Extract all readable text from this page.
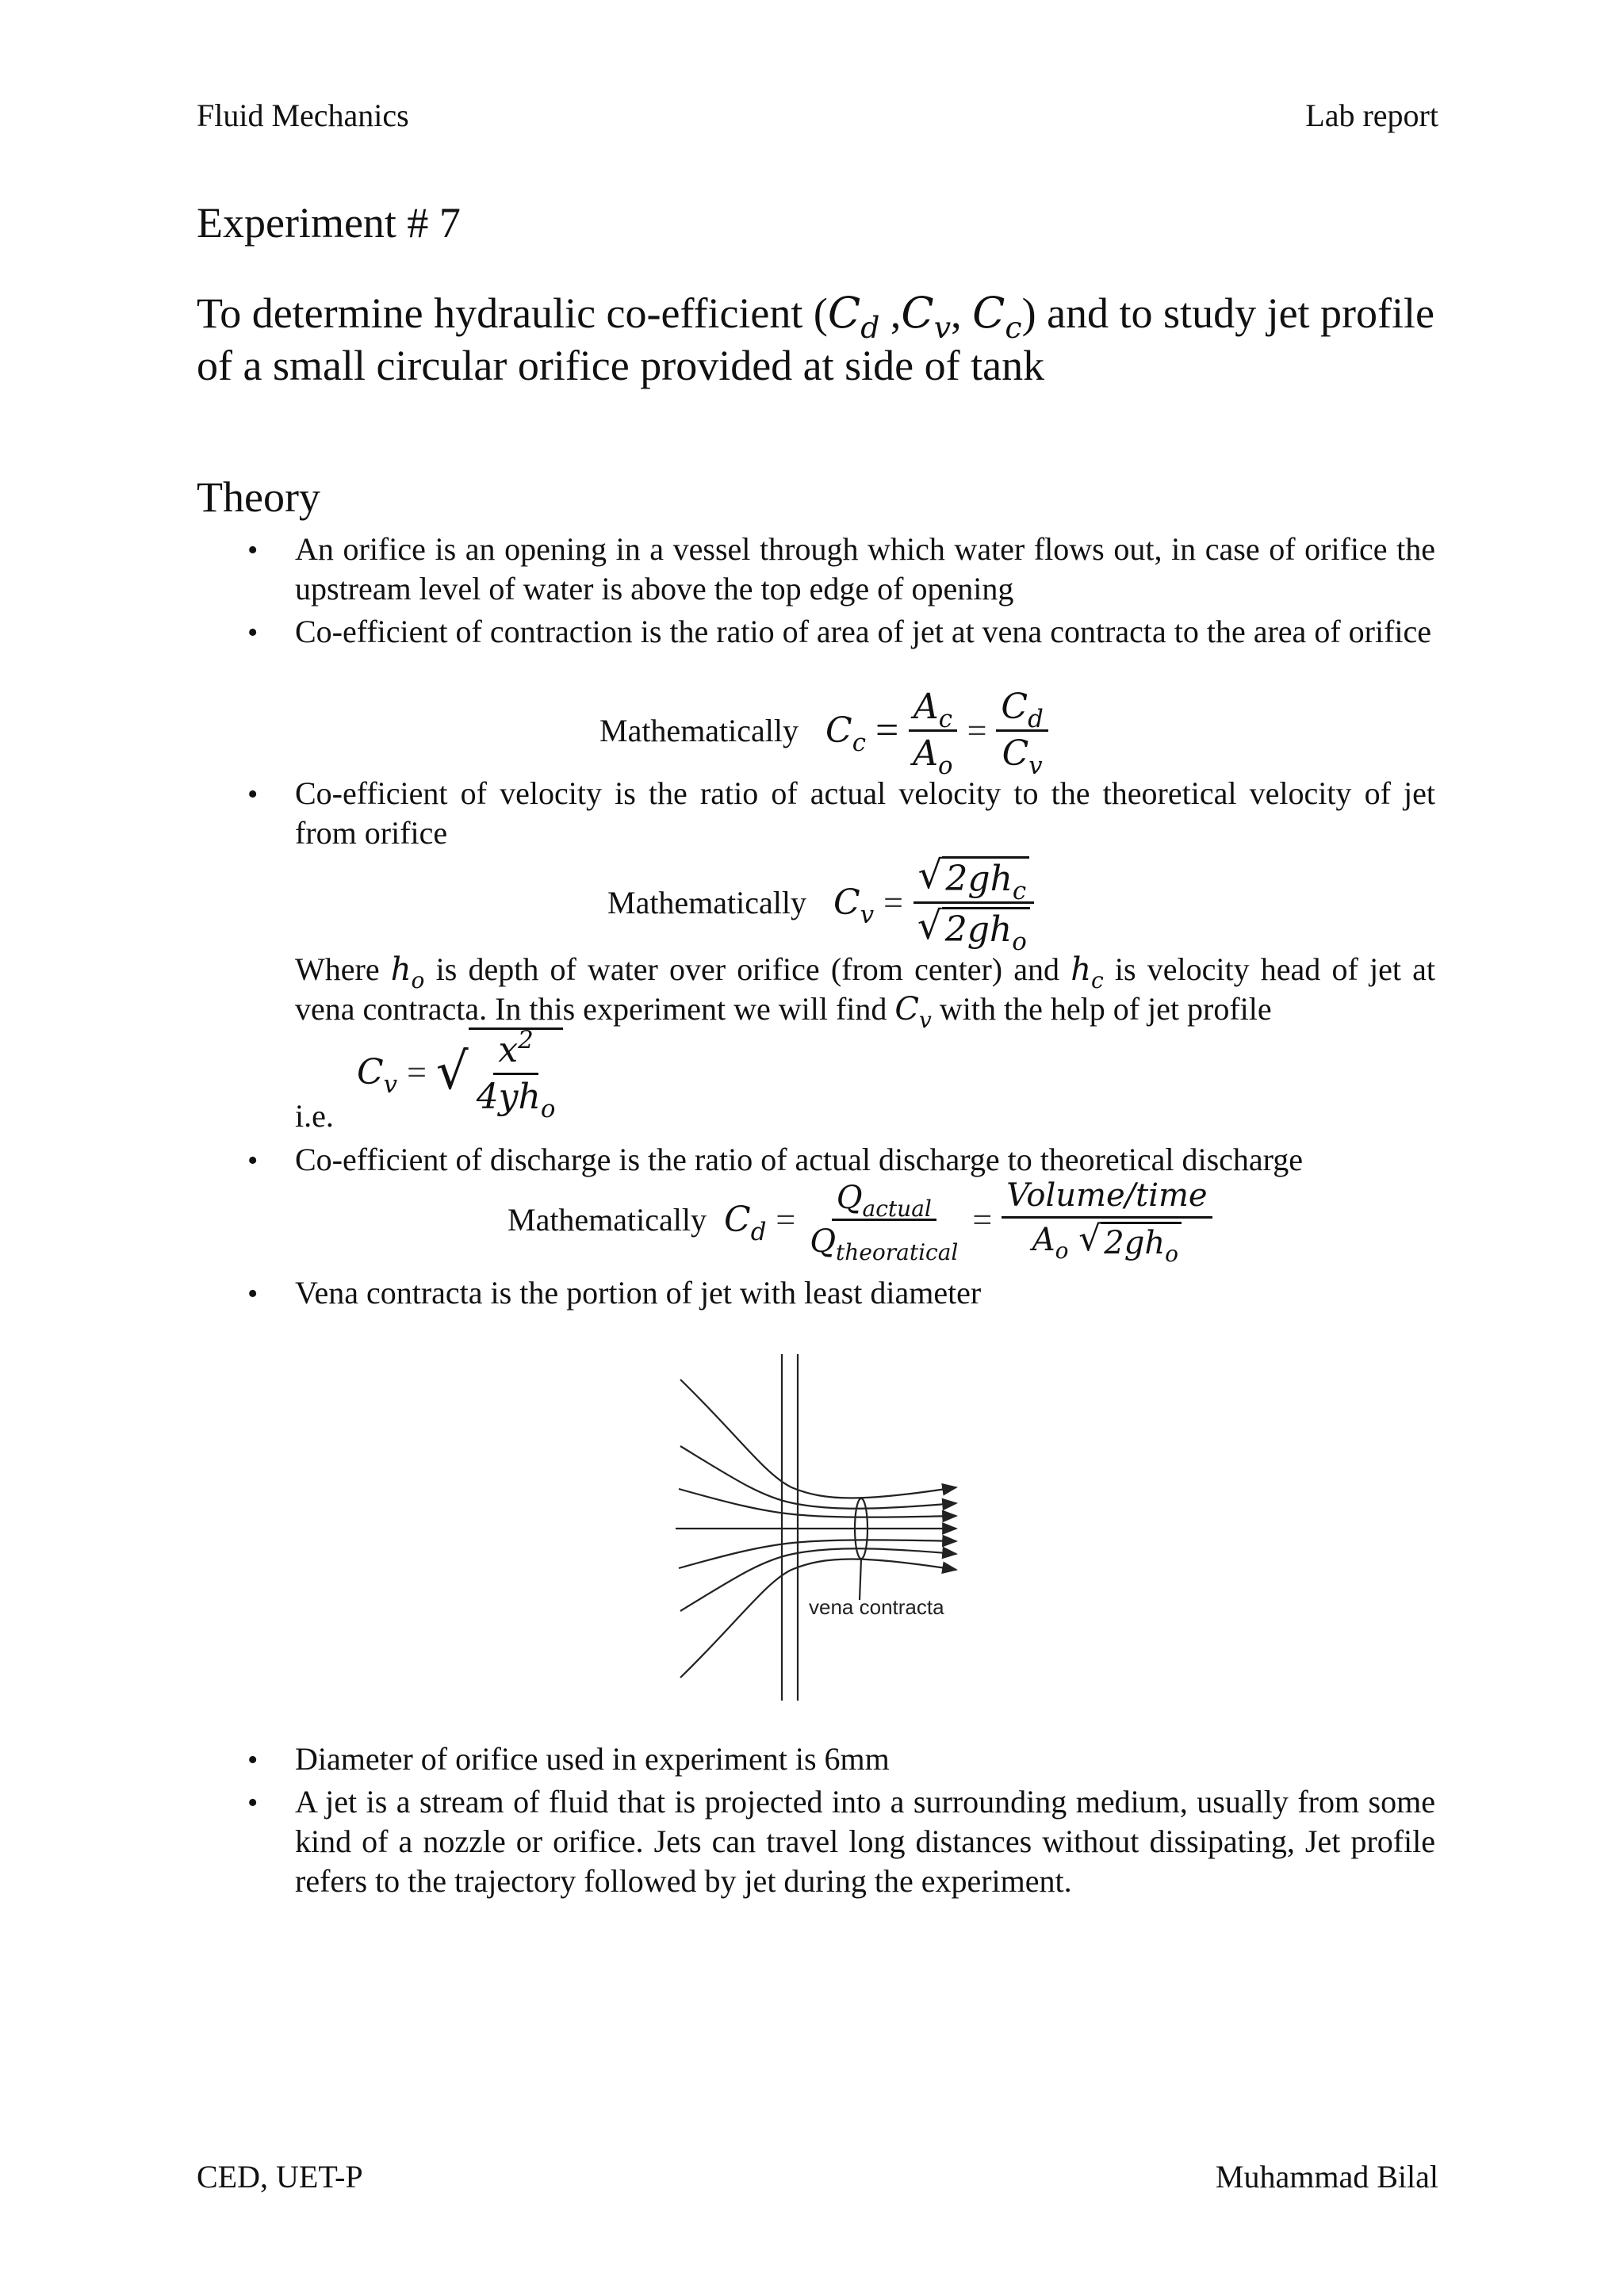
Fluid Mechanics	Lab report
Experiment # 7
To determine hydraulic co-efficient ($C_d$ $,C_v$, $C_c$) and to study jet profile of a small circular orifice provided at side of tank
Theory
• An orifice is an opening in a vessel through which water flows out, in case of orifice the upstream level of water is above the top edge of opening
• Co-efficient of contraction is the ratio of area of jet at vena contracta to the area of orifice
Mathematically $C_c = \frac{A_c}{A_o} = \frac{C_d}{C_v}$
• Co-efficient of velocity is the ratio of actual velocity to the theoretical velocity of jet from orifice
Mathematically $C_v = \frac{√ 2gh_c}{√ 2gh_o}$
Where $h_o$ is depth of water over orifice (from center) and $h_c$ is velocity head of jet at vena contracta. In this experiment we will find $C_v$ with the help of jet profile
i.e.
$C_v$ = √ $\frac{x^2}{4yh_o}$
• Co-efficient of discharge is the ratio of actual discharge to theoretical discharge
Mathematically $C_d = \frac{Q_{actual}}{Q_{theoratical}} = \frac{\text{Volume/time}}{A_o √ 2gh_o}$
• Vena contracta is the portion of jet with least diameter
vena contracta
• Diameter of orifice used in experiment is 6mm
• A jet is a stream of fluid that is projected into a surrounding medium, usually from some kind of a nozzle or orifice. Jets can travel long distances without dissipating, Jet profile refers to the trajectory followed by jet during the experiment.
CED, UET-P	Muhammad Bilal
